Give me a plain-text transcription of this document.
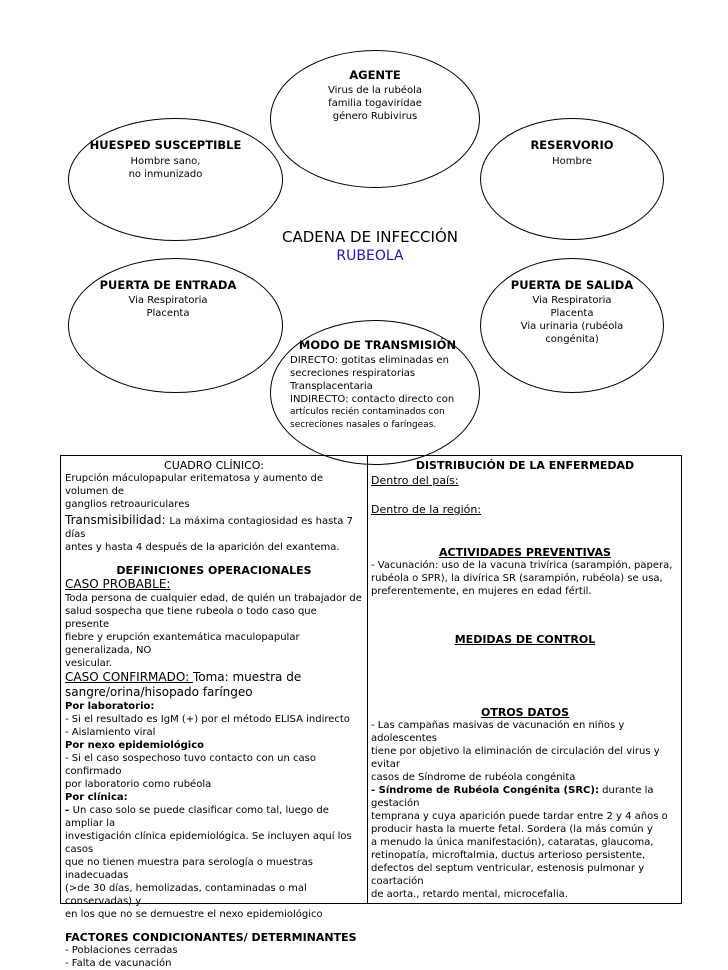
AGENTE
Virus de la rubéola
familia togaviridae
género Rubivirus
HUESPED SUSCEPTIBLE
Hombre sano,
no inmunizado
RESERVORIO
Hombre
CADENA DE INFECCIÓN
RUBEOLA
PUERTA DE ENTRADA
Via Respiratoria
Placenta
PUERTA DE SALIDA
Via Respiratoria
Placenta
Via urinaria (rubéola
congénita)
MODO DE TRANSMISIÓN
DIRECTO: gotitas eliminadas en
secreciones respiratorias
Transplacentaria
INDIRECTO: contacto directo con
artículos recién contaminados con
secreciones nasales o faríngeas.
CUADRO CLÍNICO:
Erupción máculopapular eritematosa y aumento de volumen de
ganglios retroauriculares
Transmisibilidad: La máxima contagiosidad es hasta 7 días
antes y hasta 4 después de la aparición del exantema.
DEFINICIONES OPERACIONALES
CASO PROBABLE:
Toda persona de cualquier edad, de quién un trabajador de
salud sospecha que tiene rubeola o todo caso que presente
fiebre y erupción exantemática maculopapular generalizada, NO
vesicular.
CASO CONFIRMADO: Toma: muestra de
sangre/orina/hisopado faríngeo
Por laboratorio:
- Si el resultado es IgM (+) por el método ELISA indirecto
- Aislamiento viral
Por nexo epidemiológico
- Si el caso sospechoso tuvo contacto con un caso confirmado
por laboratorio como rubéola
Por clínica:
- Un caso solo se puede clasificar como tal, luego de ampliar la
investigación clínica epidemiológica. Se incluyen aquí los casos
que no tienen muestra para serología o muestras inadecuadas
(>de 30 días, hemolizadas, contaminadas o mal conservadas) y
en los que no se demuestre el nexo epidemiológico
FACTORES CONDICIONANTES/ DETERMINANTES
- Poblaciones cerradas
- Falta de vacunación
DISTRIBUCIÓN DE LA ENFERMEDAD
Dentro del país:
Dentro de la región:
ACTIVIDADES PREVENTIVAS
- Vacunación: uso de la vacuna trivírica (sarampión, papera,
rubéola o SPR), la divírica SR (sarampión, rubéola) se usa,
preferentemente, en mujeres en edad fértil.
MEDIDAS DE CONTROL
OTROS DATOS
- Las campañas masivas de vacunación en niños y adolescentes
tiene por objetivo la eliminación de circulación del virus y evitar
casos de Síndrome de rubéola congénita
- Síndrome de Rubéola Congénita (SRC): durante la gestación
temprana y cuya aparición puede tardar entre 2 y 4 años o
producir hasta la muerte fetal. Sordera (la más común y
a menudo la única manifestación), cataratas, glaucoma,
retinopatía, microftalmia, ductus arterioso persistente,
defectos del septum ventricular, estenosis pulmonar y coartación
de aorta., retardo mental, microcefalia.
